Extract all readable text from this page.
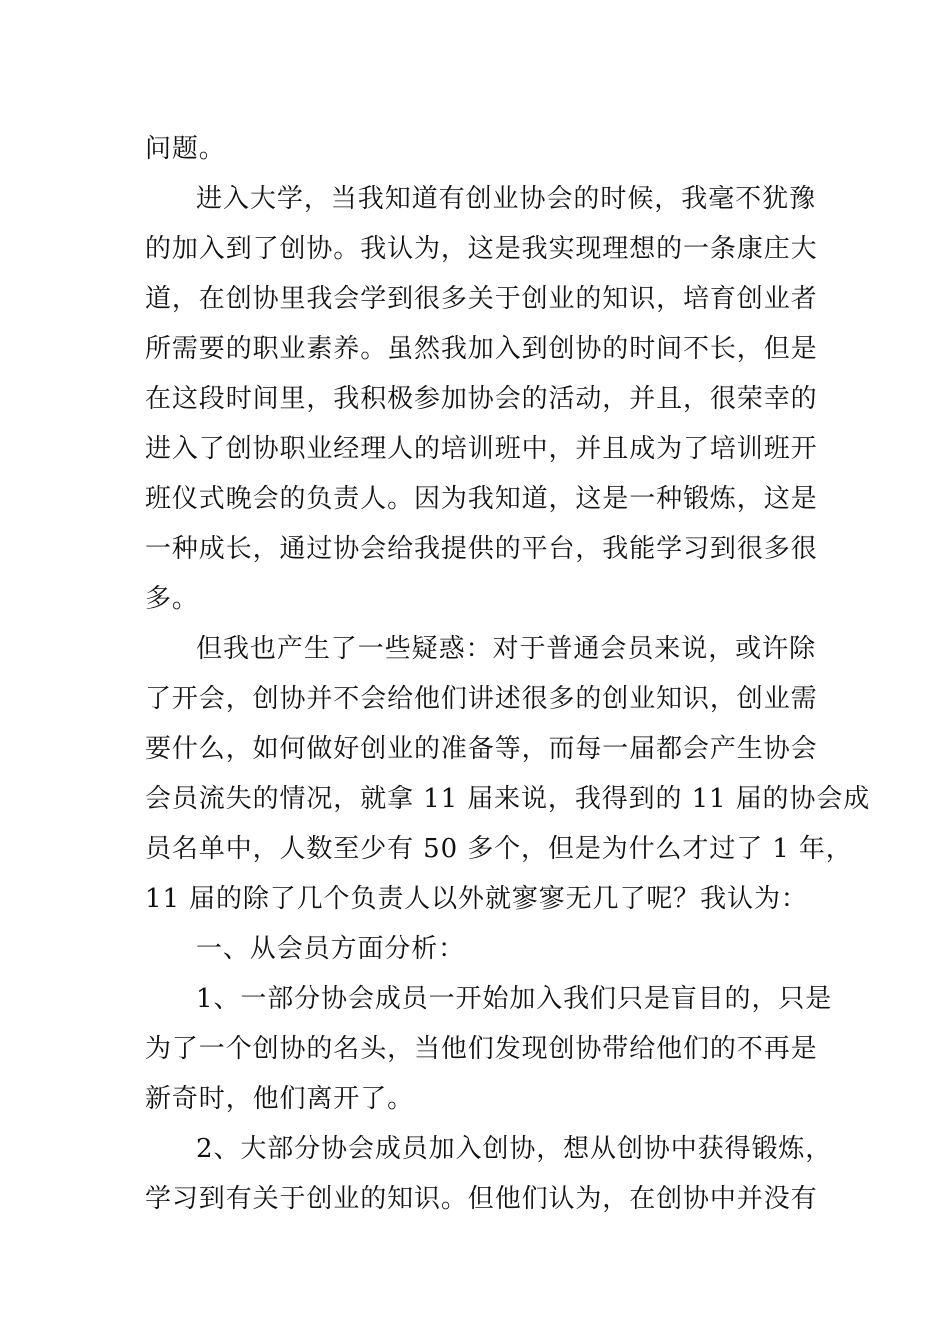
问题。
进入大学，当我知道有创业协会的时候，我毫不犹豫
的加入到了创协。我认为，这是我实现理想的一条康庄大
道，在创协里我会学到很多关于创业的知识，培育创业者
所需要的职业素养。虽然我加入到创协的时间不长，但是
在这段时间里，我积极参加协会的活动，并且，很荣幸的
进入了创协职业经理人的培训班中，并且成为了培训班开
班仪式晚会的负责人。因为我知道，这是一种锻炼，这是
一种成长，通过协会给我提供的平台，我能学习到很多很
多。
但我也产生了一些疑惑：对于普通会员来说，或许除
了开会，创协并不会给他们讲述很多的创业知识，创业需
要什么，如何做好创业的准备等，而每一届都会产生协会
会员流失的情况，就拿 11 届来说，我得到的 11 届的协会成
员名单中，人数至少有 50 多个，但是为什么才过了 1 年，
11 届的除了几个负责人以外就寥寥无几了呢？我认为：
一、从会员方面分析：
1、一部分协会成员一开始加入我们只是盲目的，只是
为了一个创协的名头，当他们发现创协带给他们的不再是
新奇时，他们离开了。
2、大部分协会成员加入创协，想从创协中获得锻炼，
学习到有关于创业的知识。但他们认为，在创协中并没有
